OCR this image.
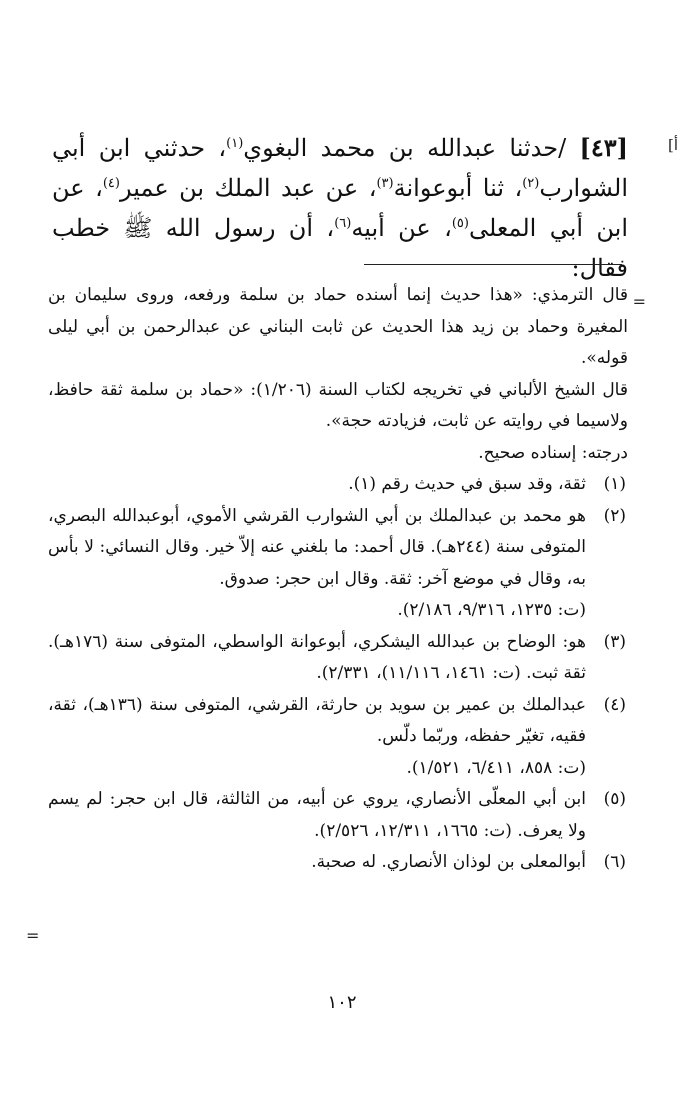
[أ
=
=
[٤٣] /حدثنا عبدالله بن محمد البغوي$^{(١)}$، حدثني ابن أبي الشوارب$^{(٢)}$، ثنا أبوعوانة$^{(٣)}$، عن عبد الملك بن عمير$^{(٤)}$، عن ابن أبي المعلى$^{(٥)}$، عن أبيه$^{(٦)}$، أن رسول الله ﷺ خطب فقال:

قال الترمذي: «هذا حديث إنما أسنده حماد بن سلمة ورفعه، وروى سليمان بن المغيرة وحماد بن زيد هذا الحديث عن ثابت البناني عن عبدالرحمن بن أبي ليلى قوله».

قال الشيخ الألباني في تخريجه لكتاب السنة (١/٢٠٦): «حماد بن سلمة ثقة حافظ، ولاسيما في روايته عن ثابت، فزيادته حجة».

درجته: إسناده صحيح.

(١)

ثقة، وقد سبق في حديث رقم (١).

(٢)

هو محمد بن عبدالملك بن أبي الشوارب القرشي الأموي، أبوعبدالله البصري، المتوفى سنة (٢٤٤هـ). قال أحمد: ما بلغني عنه إلاّ خير. وقال النسائي: لا بأس به، وقال في موضع آخر: ثقة. وقال ابن حجر: صدوق.

(ت: ١٢٣٥، ٩/٣١٦، ٢/١٨٦).

(٣)

هو: الوضاح بن عبدالله اليشكري، أبوعوانة الواسطي، المتوفى سنة (١٧٦هـ). ثقة ثبت. (ت: ١٤٦١، ١١/١١٦)، ٢/٣٣١).

(٤)

عبدالملك بن عمير بن سويد بن حارثة، القرشي، المتوفى سنة (١٣٦هـ)، ثقة، فقيه، تغيّر حفظه، وربّما دلّس.

(ت: ٨٥٨، ٦/٤١١، ١/٥٢١).

(٥)

ابن أبي المعلّى الأنصاري، يروي عن أبيه، من الثالثة، قال ابن حجر: لم يسم ولا يعرف. (ت: ١٦٦٥، ١٢/٣١١، ٢/٥٢٦).

(٦)

أبوالمعلى بن لوذان الأنصاري. له صحبة.

١٠٢
